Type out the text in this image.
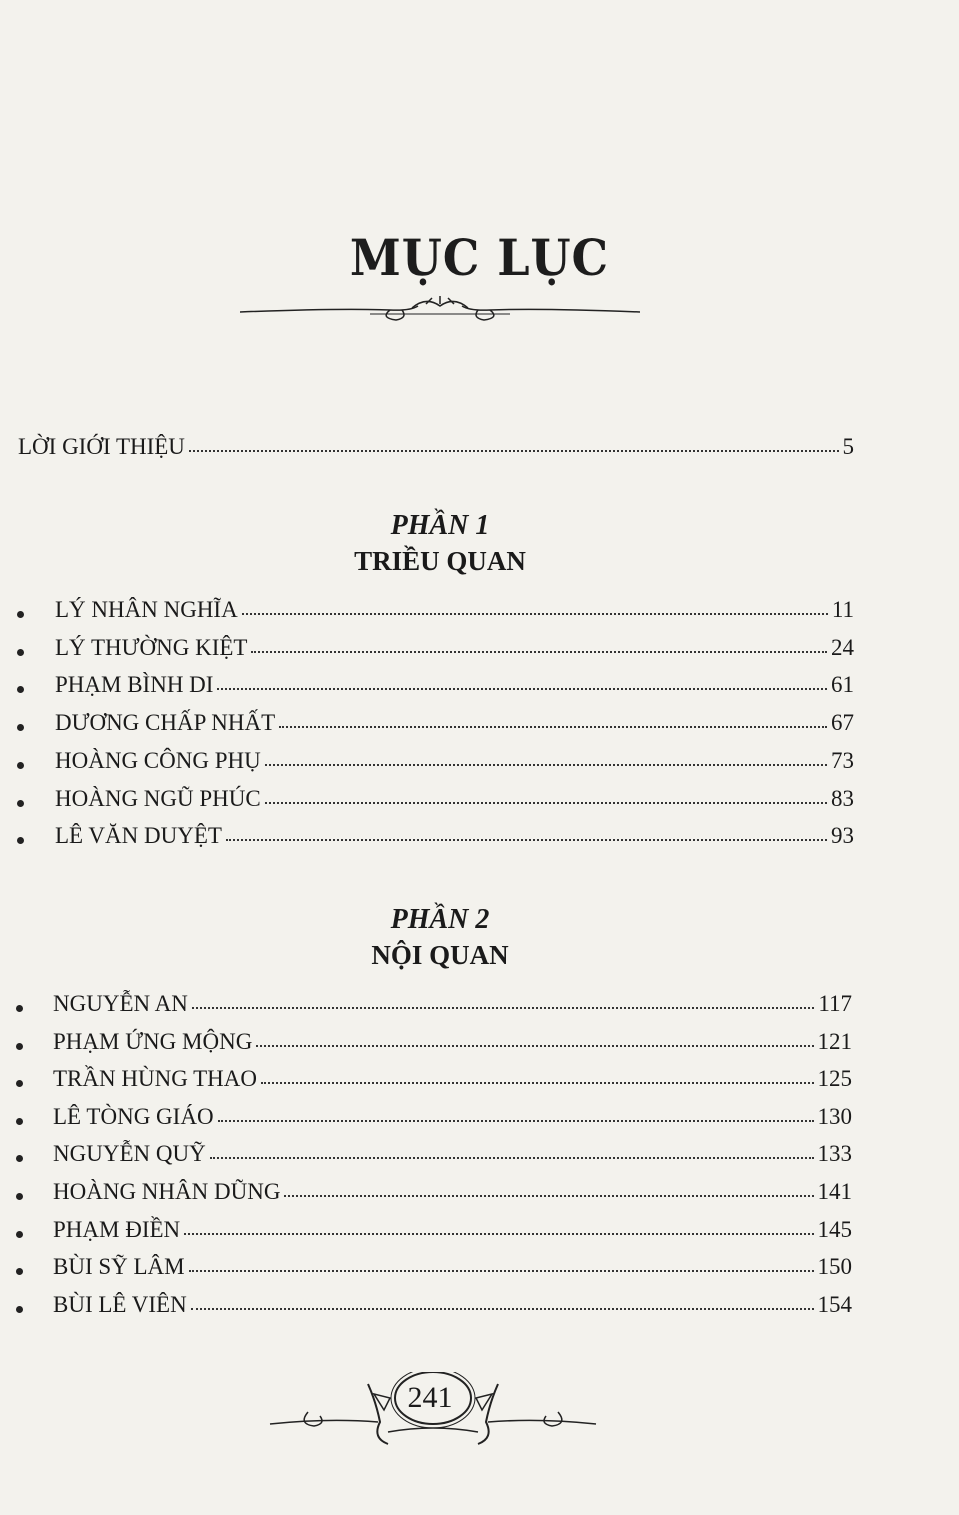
MỤC LỤC
LỜI GIỚI THIỆU	5
PHẦN 1
TRIỀU QUAN
LÝ NHÂN NGHĨA	11
LÝ THƯỜNG KIỆT	24
PHẠM BÌNH DI	61
DƯƠNG CHẤP NHẤT	67
HOÀNG CÔNG PHỤ	73
HOÀNG NGŨ PHÚC	83
LÊ VĂN DUYỆT	93
PHẦN 2
NỘI QUAN
NGUYỄN AN	117
PHẠM ỨNG MỘNG	121
TRẦN HÙNG THAO	125
LÊ TÒNG GIÁO	130
NGUYỄN QUỸ	133
HOÀNG NHÂN DŨNG	141
PHẠM ĐIỀN	145
BÙI SỸ LÂM	150
BÙI LÊ VIÊN	154
241
